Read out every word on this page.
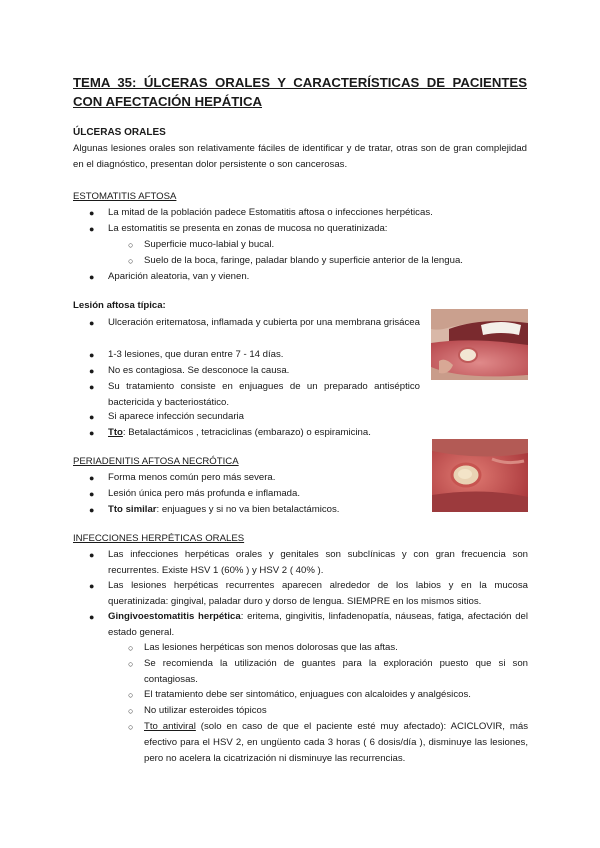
TEMA 35: ÚLCERAS ORALES Y CARACTERÍSTICAS DE PACIENTES CON AFECTACIÓN HEPÁTICA
ÚLCERAS ORALES
Algunas lesiones orales son relativamente fáciles de identificar y de tratar, otras son de gran complejidad en el diagnóstico, presentan dolor persistente o son cancerosas.
ESTOMATITIS AFTOSA
● La mitad de la población padece Estomatitis aftosa o infecciones herpéticas.
● La estomatitis se presenta en zonas de mucosa no queratinizada:
○ Superficie muco-labial y bucal.
○ Suelo de la boca, faringe, paladar blando y superficie anterior de la lengua.
● Aparición aleatoria, van y vienen.
Lesión aftosa típica:
● Ulceración eritematosa, inflamada y cubierta por una membrana grisácea
● 1-3 lesiones, que duran entre 7 - 14 días.
● No es contagiosa. Se desconoce la causa.
● Su tratamiento consiste en enjuagues de un preparado antiséptico bactericida y bacteriostático.
● Si aparece infección secundaria
● Tto: Betalactámicos , tetraciclinas (embarazo) o espiramicina.
PERIADENITIS AFTOSA NECRÓTICA
● Forma menos común pero más severa.
● Lesión única pero más profunda e inflamada.
● Tto similar: enjuagues y si no va bien betalactámicos.
INFECCIONES HERPÉTICAS ORALES
● Las infecciones herpéticas orales y genitales son subclínicas y con gran frecuencia son recurrentes. Existe HSV 1 (60% ) y HSV 2 ( 40% ).
● Las lesiones herpéticas recurrentes aparecen alrededor de los labios y en la mucosa queratinizada: gingival, paladar duro y dorso de lengua. SIEMPRE en los mismos sitios.
● Gingivoestomatitis herpética: eritema, gingivitis, linfadenopatía, náuseas, fatiga, afectación del estado general.
○ Las lesiones herpéticas son menos dolorosas que las aftas.
○ Se recomienda la utilización de guantes para la exploración puesto que si son contagiosas.
○ El tratamiento debe ser sintomático, enjuagues con alcaloides y analgésicos.
○ No utilizar esteroides tópicos
○ Tto antiviral (solo en caso de que el paciente esté muy afectado): ACICLOVIR, más efectivo para el HSV 2, en ungüento cada 3 horas ( 6 dosis/día ), disminuye las lesiones, pero no acelera la cicatrización ni disminuye las recurrencias.
